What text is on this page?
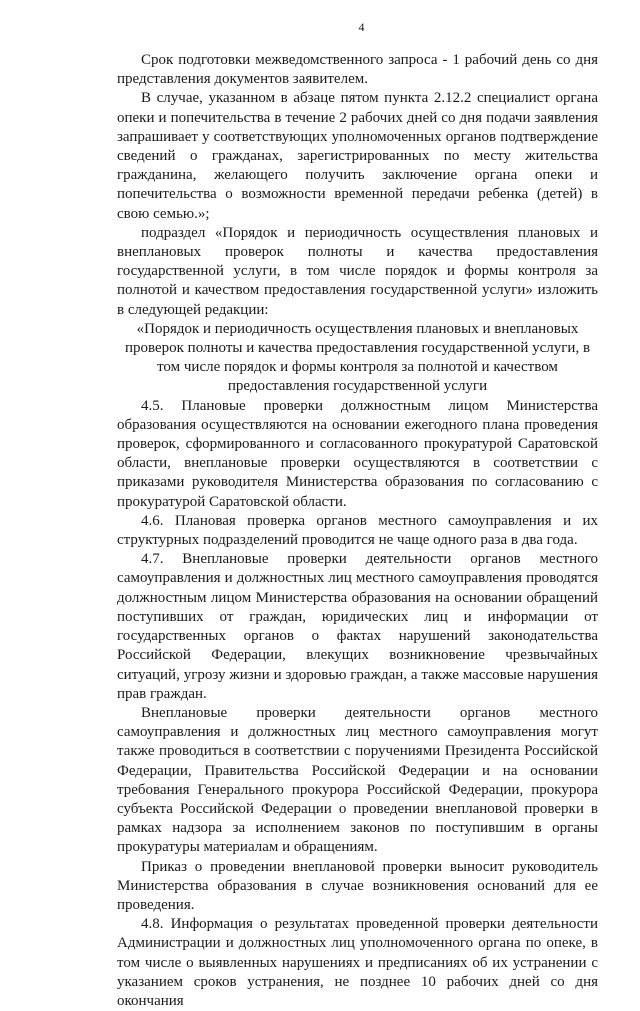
4

Срок подготовки межведомственного запроса - 1 рабочий день со дня представления документов заявителем.

В случае, указанном в абзаце пятом пункта 2.12.2 специалист органа опеки и попечительства в течение 2 рабочих дней со дня подачи заявления запрашивает у соответствующих уполномоченных органов подтверждение сведений о гражданах, зарегистрированных по месту жительства гражданина, желающего получить заключение органа опеки и попечительства о возможности временной передачи ребенка (детей) в свою семью.»;

подраздел «Порядок и периодичность осуществления плановых и внеплановых проверок полноты и качества предоставления государственной услуги, в том числе порядок и формы контроля за полнотой и качеством предоставления государственной услуги» изложить в следующей редакции:

«Порядок и периодичность осуществления плановых и внеплановых проверок полноты и качества предоставления государственной услуги, в том числе порядок и формы контроля за полнотой и качеством предоставления государственной услуги

4.5. Плановые проверки должностным лицом Министерства образования осуществляются на основании ежегодного плана проведения проверок, сформированного и согласованного прокуратурой Саратовской области, внеплановые проверки осуществляются в соответствии с приказами руководителя Министерства образования по согласованию с прокуратурой Саратовской области.

4.6. Плановая проверка органов местного самоуправления и их структурных подразделений проводится не чаще одного раза в два года.

4.7. Внеплановые проверки деятельности органов местного самоуправления и должностных лиц местного самоуправления проводятся должностным лицом Министерства образования на основании обращений поступивших от граждан, юридических лиц и информации от государственных органов о фактах нарушений законодательства Российской Федерации, влекущих возникновение чрезвычайных ситуаций, угрозу жизни и здоровью граждан, а также массовые нарушения прав граждан.

Внеплановые проверки деятельности органов местного самоуправления и должностных лиц местного самоуправления могут также проводиться в соответствии с поручениями Президента Российской Федерации, Правительства Российской Федерации и на основании требования Генерального прокурора Российской Федерации, прокурора субъекта Российской Федерации о проведении внеплановой проверки в рамках надзора за исполнением законов по поступившим в органы прокуратуры материалам и обращениям.

Приказ о проведении внеплановой проверки выносит руководитель Министерства образования в случае возникновения оснований для ее проведения.

4.8. Информация о результатах проведенной проверки деятельности Администрации и должностных лиц уполномоченного органа по опеке, в том числе о выявленных нарушениях и предписаниях об их устранении с указанием сроков устранения, не позднее 10 рабочих дней со дня окончания
